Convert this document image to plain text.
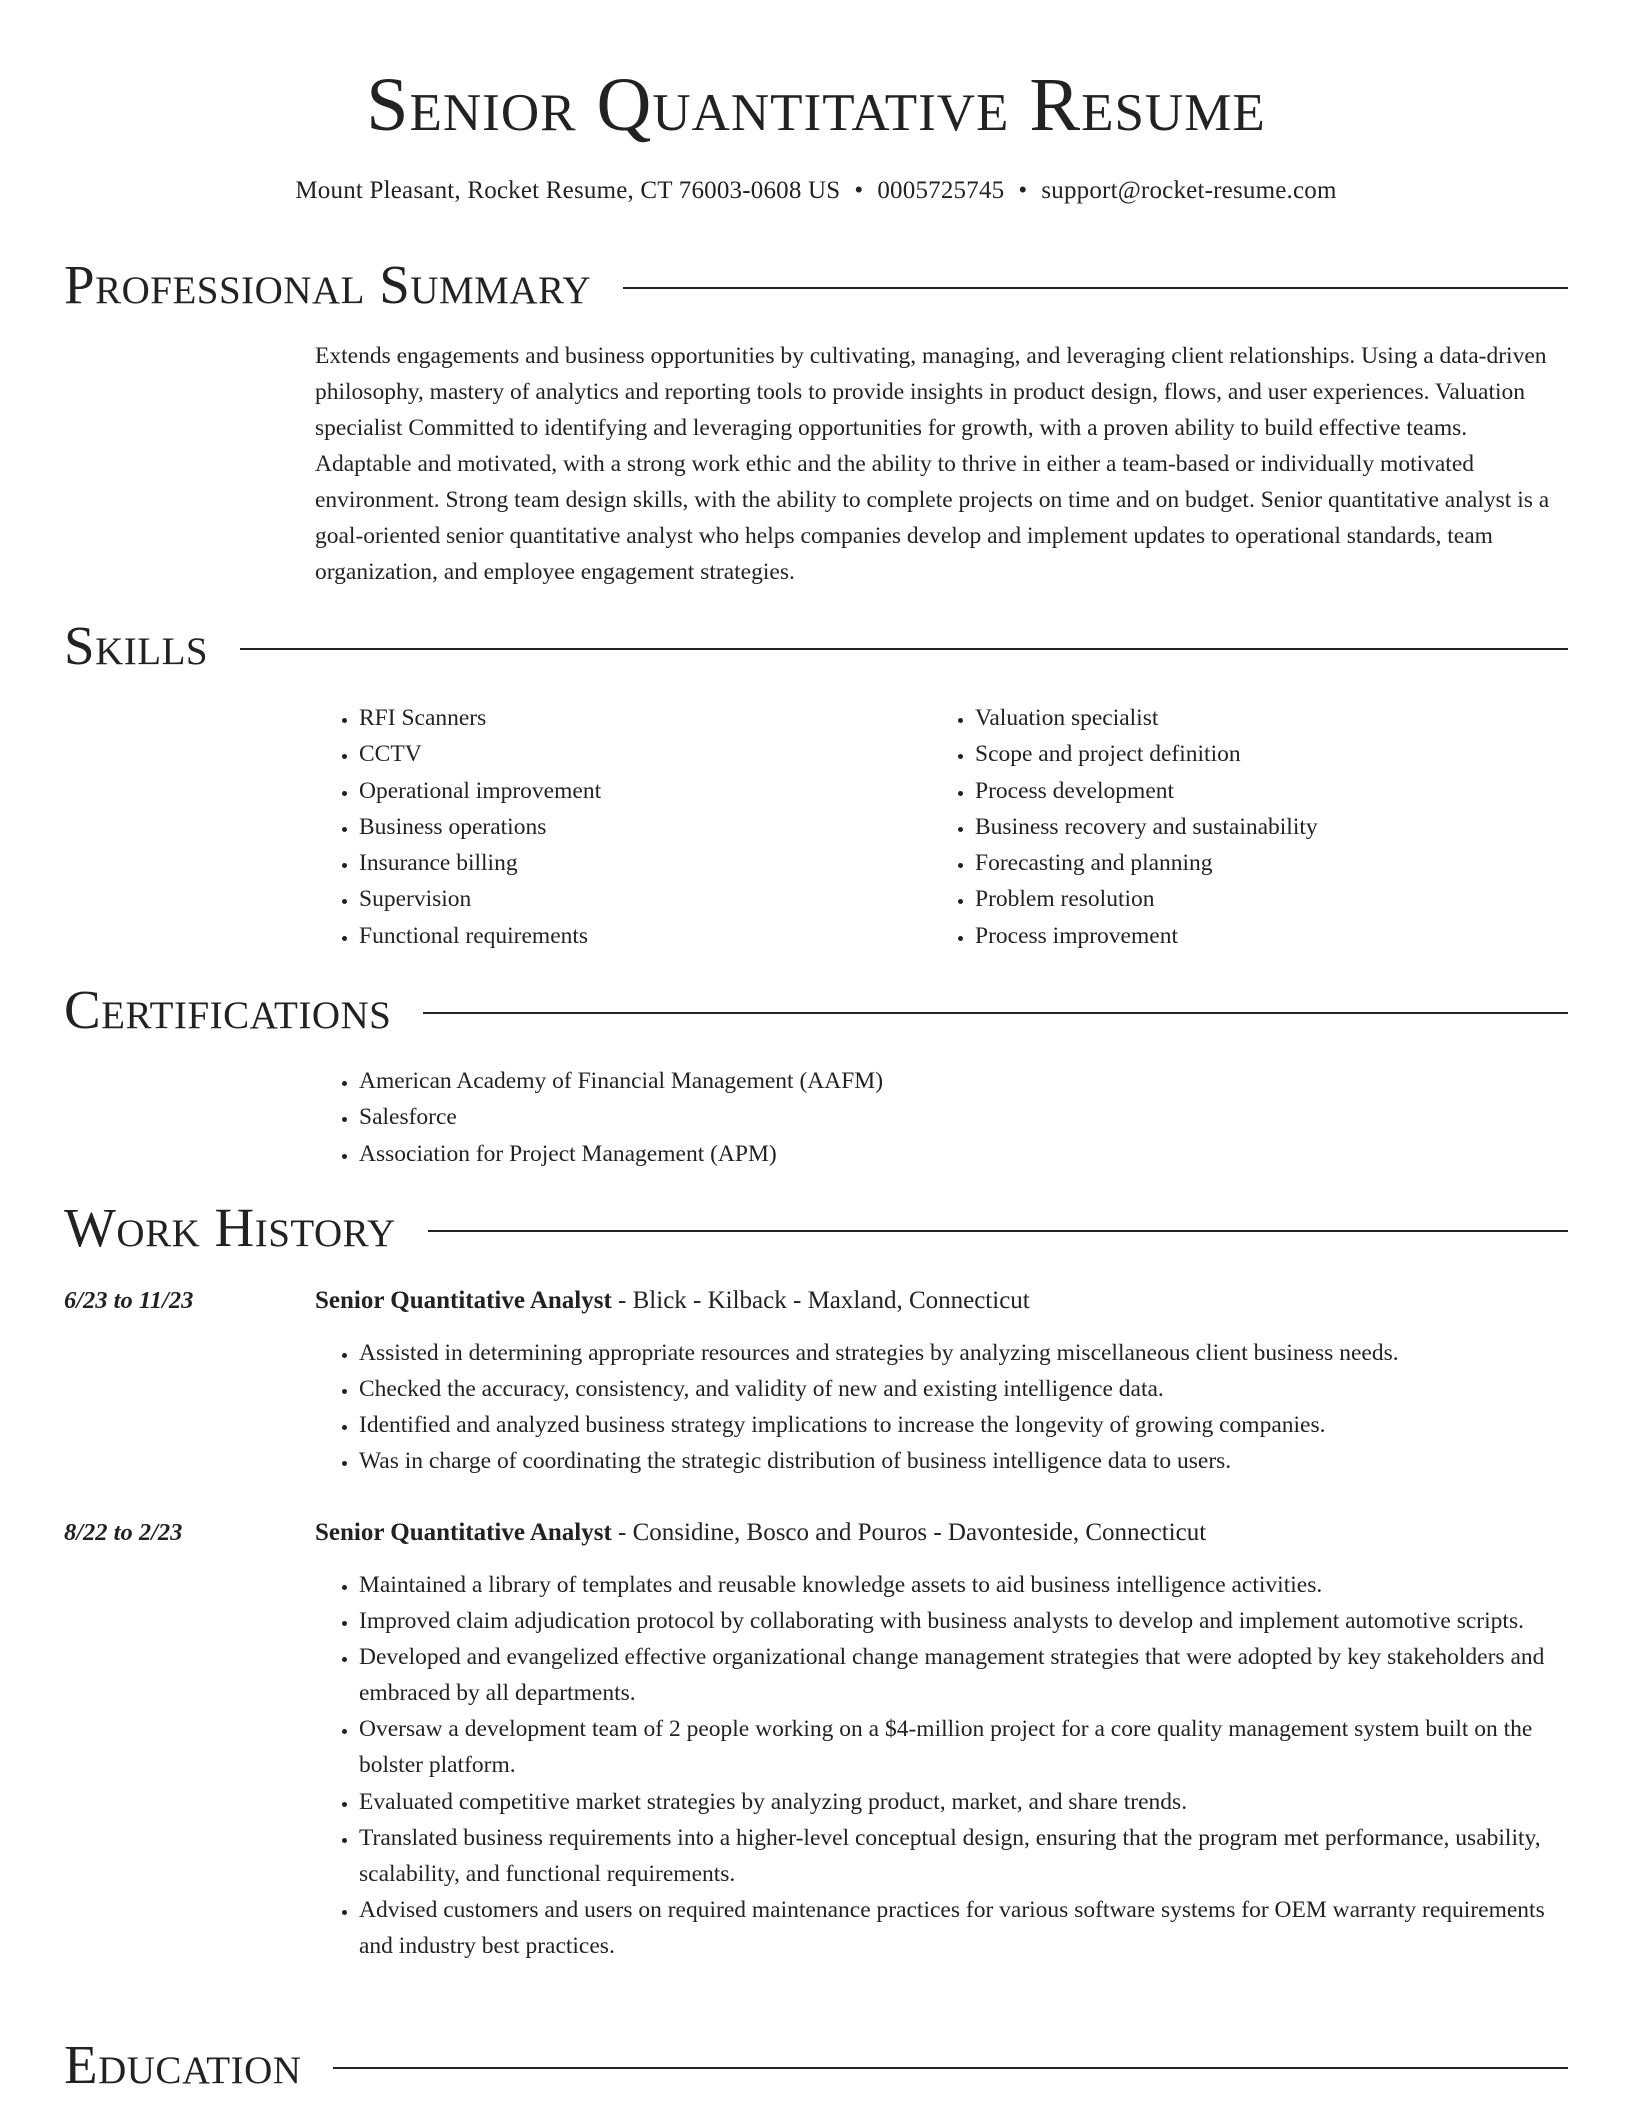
Senior Quantitative Resume
Mount Pleasant, Rocket Resume, CT 76003-0608 US • 0005725745 • support@rocket-resume.com
Professional Summary

Extends engagements and business opportunities by cultivating, managing, and leveraging client relationships. Using a data-driven philosophy, mastery of analytics and reporting tools to provide insights in product design, flows, and user experiences. Valuation specialist Committed to identifying and leveraging opportunities for growth, with a proven ability to build effective teams. Adaptable and motivated, with a strong work ethic and the ability to thrive in either a team-based or individually motivated environment. Strong team design skills, with the ability to complete projects on time and on budget. Senior quantitative analyst is a goal-oriented senior quantitative analyst who helps companies develop and implement updates to operational standards, team organization, and employee engagement strategies.

Skills
• RFI Scanners
• CCTV
• Operational improvement
• Business operations
• Insurance billing
• Supervision
• Functional requirements
• Valuation specialist
• Scope and project definition
• Process development
• Business recovery and sustainability
• Forecasting and planning
• Problem resolution
• Process improvement
Certifications
• American Academy of Financial Management (AAFM)
• Salesforce
• Association for Project Management (APM)
Work History
6/23 to 11/23	Senior Quantitative Analyst - Blick - Kilback - Maxland, Connecticut
• Assisted in determining appropriate resources and strategies by analyzing miscellaneous client business needs.
• Checked the accuracy, consistency, and validity of new and existing intelligence data.
• Identified and analyzed business strategy implications to increase the longevity of growing companies.
• Was in charge of coordinating the strategic distribution of business intelligence data to users.
8/22 to 2/23	Senior Quantitative Analyst - Considine, Bosco and Pouros - Davonteside, Connecticut
• Maintained a library of templates and reusable knowledge assets to aid business intelligence activities.
• Improved claim adjudication protocol by collaborating with business analysts to develop and implement automotive scripts.
• Developed and evangelized effective organizational change management strategies that were adopted by key stakeholders and embraced by all departments.
• Oversaw a development team of 2 people working on a $4-million project for a core quality management system built on the bolster platform.
• Evaluated competitive market strategies by analyzing product, market, and share trends.
• Translated business requirements into a higher-level conceptual design, ensuring that the program met performance, usability, scalability, and functional requirements.
• Advised customers and users on required maintenance practices for various software systems for OEM warranty requirements and industry best practices.
Education
